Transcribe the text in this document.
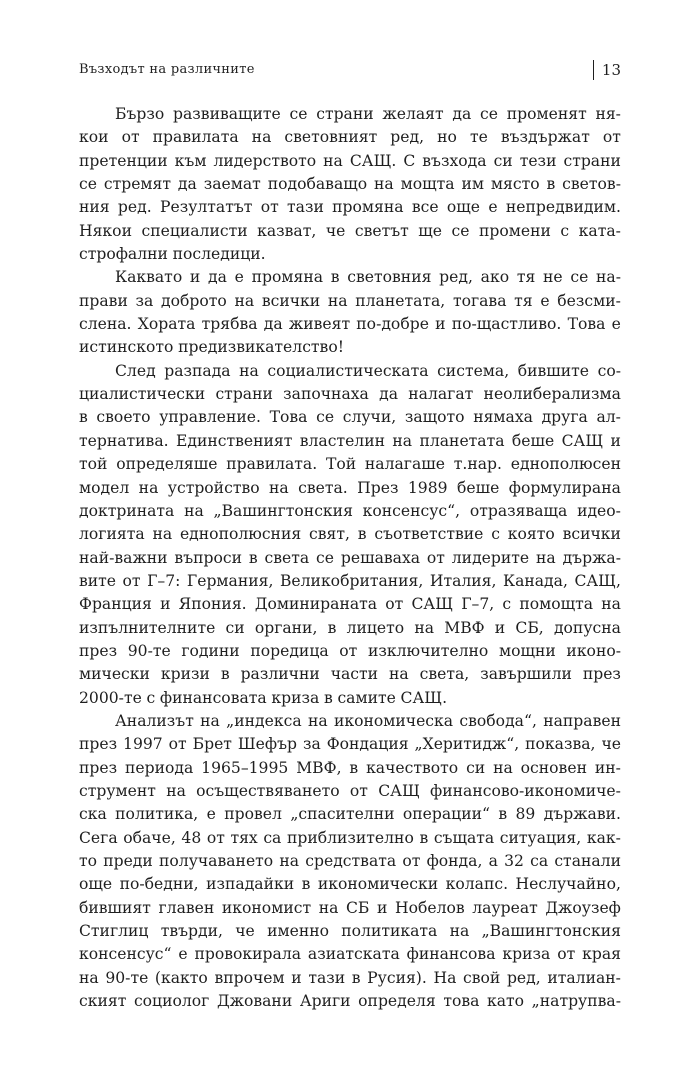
Възходът на различните	13
Бързо развиващите се страни желаят да се променят ня-
кои от правилата на световният ред, но те въздържат от
претенции към лидерството на САЩ. С възхода си тези страни
се стремят да заемат подобаващо на мощта им място в светов-
ния ред. Резултатът от тази промяна все още е непредвидим.
Някои специалисти казват, че светът ще се промени с ката-
строфални последици.
Каквато и да е промяна в световния ред, ако тя не се на-
прави за доброто на всички на планетата, тогава тя е безсми-
слена. Хората трябва да живеят по-добре и по-щастливо. Това е
истинското предизвикателство!
След разпада на социалистическата система, бившите со-
циалистически страни започнаха да налагат неолиберализма
в своето управление. Това се случи, защото нямаха друга ал-
тернатива. Единственият властелин на планетата беше САЩ и
той определяше правилата. Той налагаше т.нар. еднополюсен
модел на устройство на света. През 1989 беше формулирана
доктрината на „Вашингтонския консенсус“, отразяваща идео-
логията на еднополюсния свят, в съответствие с която всички
най-важни въпроси в света се решаваха от лидерите на държа-
вите от Г–7: Германия, Великобритания, Италия, Канада, САЩ,
Франция и Япония. Доминираната от САЩ Г–7, с помощта на
изпълнителните си органи, в лицето на МВФ и СБ, допусна
през 90-те години поредица от изключително мощни иконо-
мически кризи в различни части на света, завършили през
2000-те с финансовата криза в самите САЩ.
Анализът на „индекса на икономическа свобода“, направен
през 1997 от Брет Шефър за Фондация „Херитидж“, показва, че
през периода 1965–1995 МВФ, в качеството си на основен ин-
струмент на осъществяването от САЩ финансово-икономиче-
ска политика, е провел „спасителни операции“ в 89 държави.
Сега обаче, 48 от тях са приблизително в същата ситуация, как-
то преди получаването на средствата от фонда, а 32 са станали
още по-бедни, изпадайки в икономически колапс. Неслучайно,
бившият главен икономист на СБ и Нобелов лауреат Джоузеф
Стиглиц твърди, че именно политиката на „Вашингтонския
консенсус“ е провокирала азиатската финансова криза от края
на 90-те (както впрочем и тази в Русия). На свой ред, италиан-
ският социолог Джовани Ариги определя това като „натрупва-
